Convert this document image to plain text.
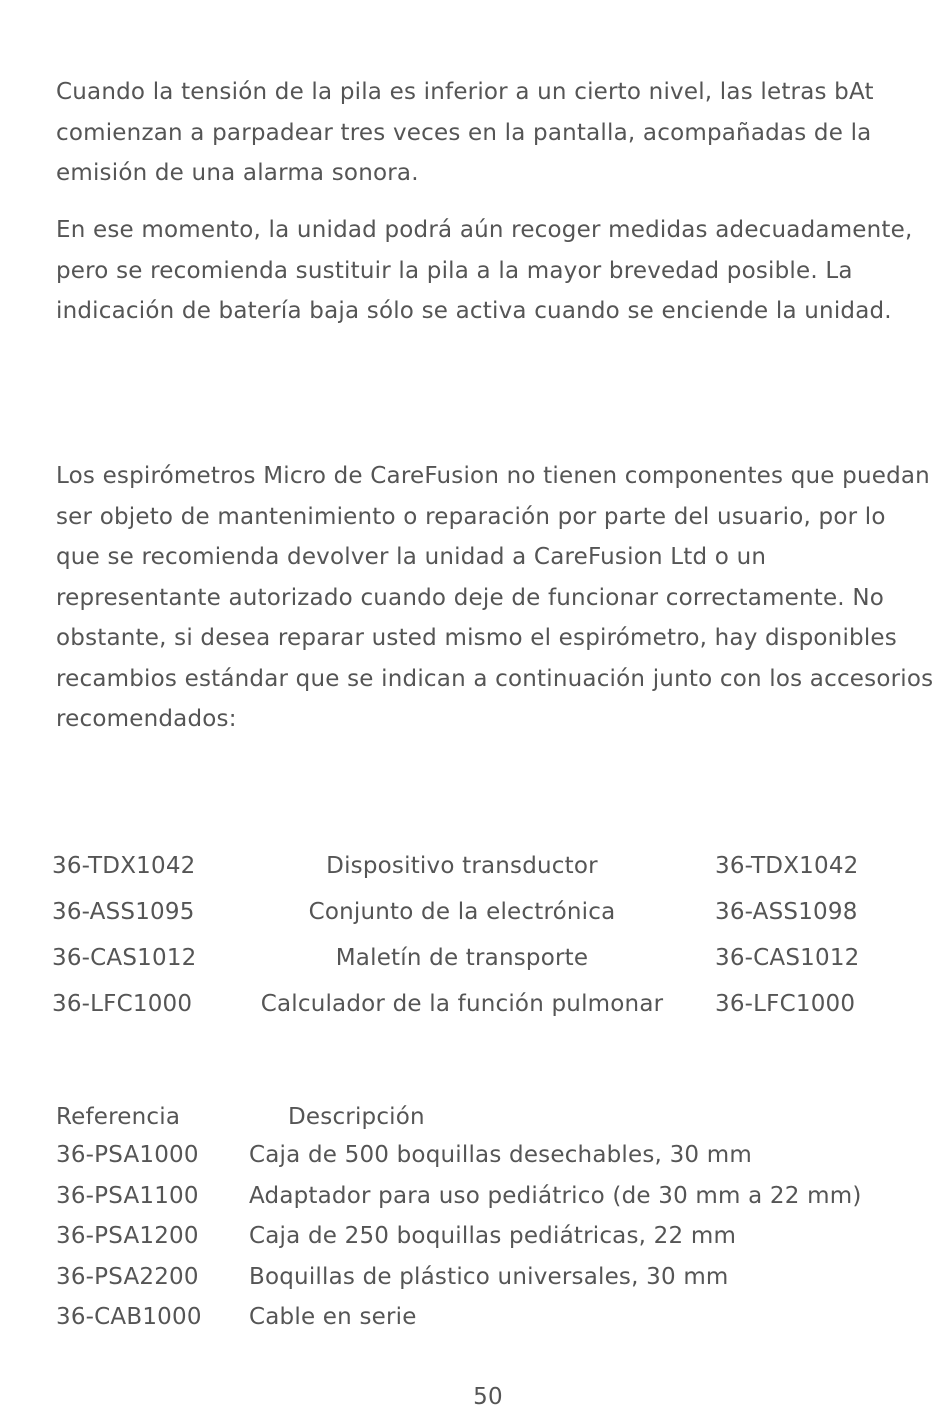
Cuando la tensión de la pila es inferior a un cierto nivel, las letras bAt comienzan a parpadear tres veces en la pantalla, acompañadas de la emisión de una alarma sonora.

En ese momento, la unidad podrá aún recoger medidas adecuadamente, pero se recomienda sustituir la pila a la mayor brevedad posible. La indicación de batería baja sólo se activa cuando se enciende la unidad.

Los espirómetros Micro de CareFusion no tienen componentes que puedan ser objeto de mantenimiento o reparación por parte del usuario, por lo que se recomienda devolver la unidad a CareFusion Ltd o un representante autorizado cuando deje de funcionar correctamente. No obstante, si desea reparar usted mismo el espirómetro, hay disponibles recambios estándar que se indican a continuación junto con los accesorios recomendados:

36-TDX1042	Dispositivo transductor	36-TDX1042
36-ASS1095	Conjunto de la electrónica	36-ASS1098
36-CAS1012	Maletín de transporte	36-CAS1012
36-LFC1000	Calculador de la función pulmonar	36-LFC1000
Referencia	Descripción
36-PSA1000 Caja de 500 boquillas desechables, 30 mm
36-PSA1100 Adaptador para uso pediátrico (de 30 mm a 22 mm)
36-PSA1200 Caja de 250 boquillas pediátricas, 22 mm
36-PSA2200 Boquillas de plástico universales, 30 mm
36-CAB1000 Cable en serie
50
